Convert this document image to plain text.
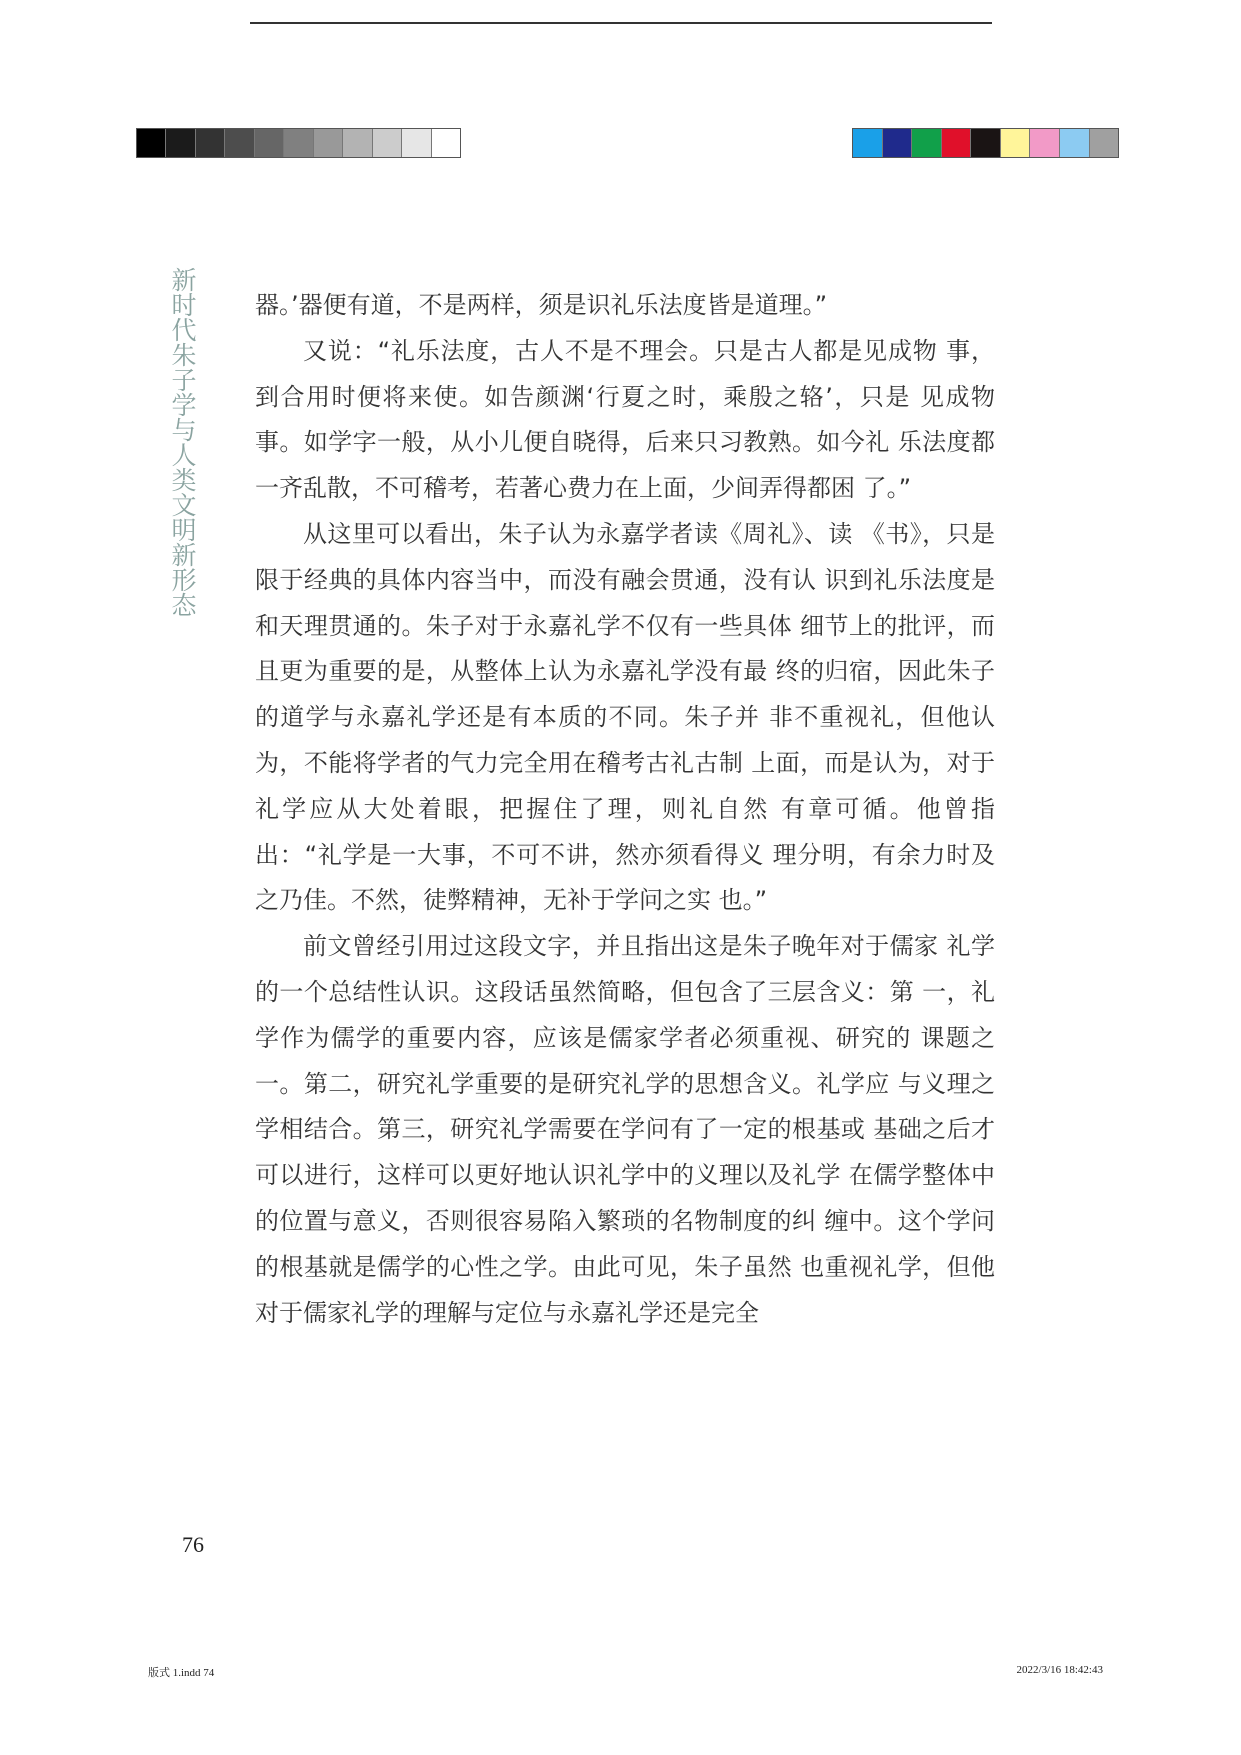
新时代朱子学与人类文明新形态 器。’器便有道，不是两样，须是识礼乐法度皆是道理。”

又说：“礼乐法度，古人不是不理会。只是古人都是见成物 事，到合用时便将来使。如告颜渊‘行夏之时，乘殷之辂’，只是 见成物事。如学字一般，从小儿便自晓得，后来只习教熟。如今礼 乐法度都一齐乱散，不可稽考，若著心费力在上面，少间弄得都困 了。”

从这里可以看出，朱子认为永嘉学者读《周礼》、读 《书》，只是限于经典的具体内容当中，而没有融会贯通，没有认 识到礼乐法度是和天理贯通的。朱子对于永嘉礼学不仅有一些具体 细节上的批评，而且更为重要的是，从整体上认为永嘉礼学没有最 终的归宿，因此朱子的道学与永嘉礼学还是有本质的不同。朱子并 非不重视礼，但他认为，不能将学者的气力完全用在稽考古礼古制 上面，而是认为，对于礼学应从大处着眼，把握住了理，则礼自然 有章可循。他曾指出：“礼学是一大事，不可不讲，然亦须看得义 理分明，有余力时及之乃佳。不然，徒弊精神，无补于学问之实 也。”

前文曾经引用过这段文字，并且指出这是朱子晚年对于儒家 礼学的一个总结性认识。这段话虽然简略，但包含了三层含义：第 一，礼学作为儒学的重要内容，应该是儒家学者必须重视、研究的 课题之一。第二，研究礼学重要的是研究礼学的思想含义。礼学应 与义理之学相结合。第三，研究礼学需要在学问有了一定的根基或 基础之后才可以进行，这样可以更好地认识礼学中的义理以及礼学 在儒学整体中的位置与意义，否则很容易陷入繁琐的名物制度的纠 缠中。这个学问的根基就是儒学的心性之学。由此可见，朱子虽然 也重视礼学，但他对于儒家礼学的理解与定位与永嘉礼学还是完全

76
版式 1.indd 74	2022/3/16 18:42:43
